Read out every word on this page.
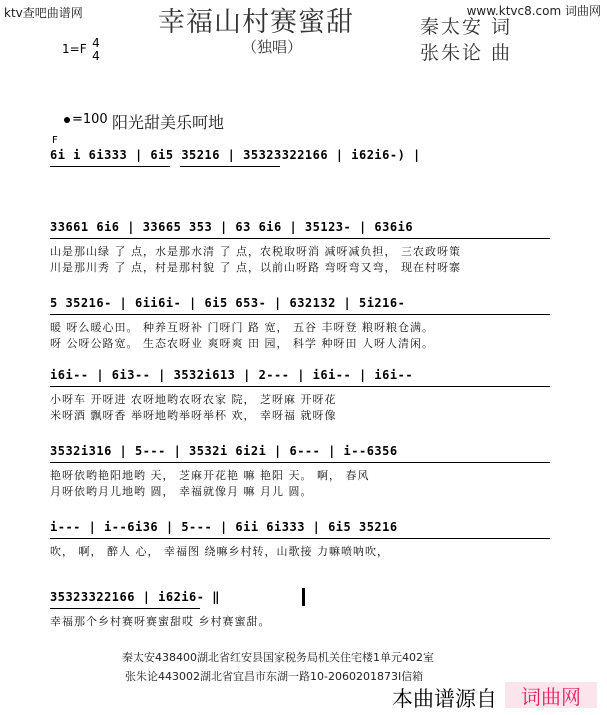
ktv查吧曲谱网	www.ktvc8.com 词曲网
幸福山村赛蜜甜
（独唱）
秦太安 词
张朱论 曲
1=F 4
4
=100 阳光甜美乐呵地
F
6i i 6i333 | 6i5 35216 | 35323322166 | i62i6-) |
33661 6i6 | 33665 353 | 63 6i6 | 35123- | 636i6
山是那山绿 了 点，水是那水清 了 点，农税取呀消 减呀减负担， 三农政呀策
川是那川秀 了 点，村是那村貌 了 点，以前山呀路 弯呀弯又弯， 现在村呀寨
5 35216- | 6ii6i- | 6i5 653- | 632132 | 5i216-
暖 呀么暖心田。 种养互呀补 门呀门 路 宽， 五谷 丰呀登 粮呀粮仓满。
呀 公呀公路宽。 生态农呀业 爽呀爽 田 园， 科学 种呀田 人呀人清闲。
i6i-- | 6i3-- | 3532i613 | 2--- | i6i-- | i6i--
小呀车 开呀进 农呀地哟农呀农家 院， 芝呀麻 开呀花
米呀酒 飘呀香 举呀地哟举呀举杯 欢， 幸呀福 就呀像
3532i316 | 5--- | 3532i 6i2i | 6--- | i--6356
艳呀依哟艳阳地哟 天， 芝麻开花艳 嘛 艳阳 天。 啊， 春风
月呀依哟月儿地哟 圆， 幸福就像月 嘛 月儿 圆。
i--- | i--6i36 | 5--- | 6ii 6i333 | 6i5 35216
吹， 啊， 醉人 心， 幸福图 绕嘛乡村转，山歌接 力嘛喷呐吹，
35323322166 | i62i6- ‖
幸福那个乡村赛呀赛蜜甜哎 乡村赛蜜甜。
秦太安438400湖北省红安县国家税务局机关住宅楼1单元402室
张朱论443002湖北省宜昌市东湖一路10-2060201873I信箱
本曲谱源自 词曲网
